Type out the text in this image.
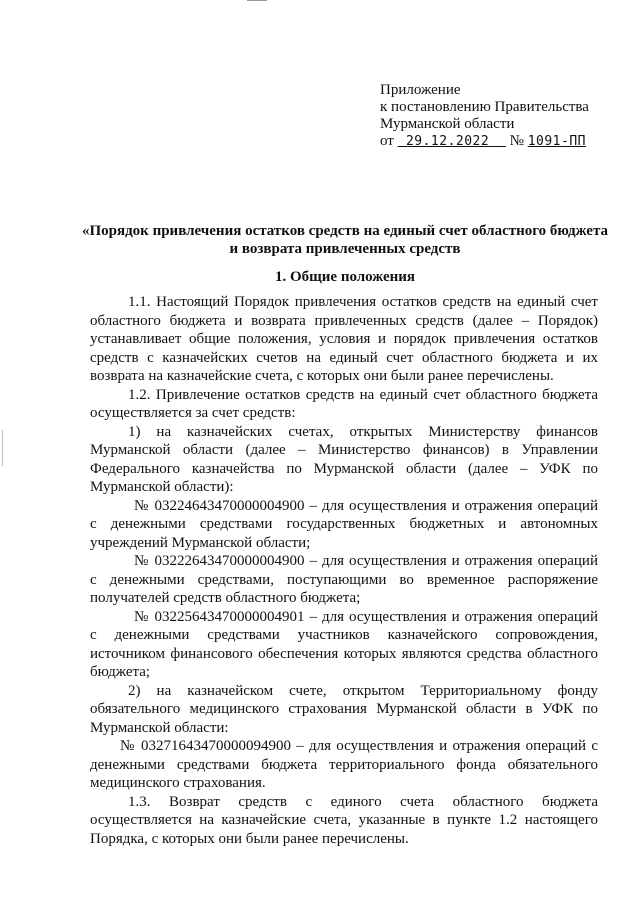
Приложение
к постановлению Правительства
Мурманской области
от 29.12.2022 № 1091-ПП
«Порядок привлечения остатков средств на единый счет областного бюджета и возврата привлеченных средств
1. Общие положения

1.1. Настоящий Порядок привлечения остатков средств на единый счет областного бюджета и возврата привлеченных средств (далее – Порядок) устанавливает общие положения, условия и порядок привлечения остатков средств с казначейских счетов на единый счет областного бюджета и их возврата на казначейские счета, с которых они были ранее перечислены.

1.2. Привлечение остатков средств на единый счет областного бюджета осуществляется за счет средств:

1) на казначейских счетах, открытых Министерству финансов Мурманской области (далее – Министерство финансов) в Управлении Федерального казначейства по Мурманской области (далее – УФК по Мурманской области):

№ 03224643470000004900 – для осуществления и отражения операций с денежными средствами государственных бюджетных и автономных учреждений Мурманской области;

№ 03222643470000004900 – для осуществления и отражения операций с денежными средствами, поступающими во временное распоряжение получателей средств областного бюджета;

№ 03225643470000004901 – для осуществления и отражения операций с денежными средствами участников казначейского сопровождения, источником финансового обеспечения которых являются средства областного бюджета;

2) на казначейском счете, открытом Территориальному фонду обязательного медицинского страхования Мурманской области в УФК по Мурманской области:

№ 03271643470000094900 – для осуществления и отражения операций с денежными средствами бюджета территориального фонда обязательного медицинского страхования.

1.3. Возврат средств с единого счета областного бюджета осуществляется на казначейские счета, указанные в пункте 1.2 настоящего Порядка, с которых они были ранее перечислены.
